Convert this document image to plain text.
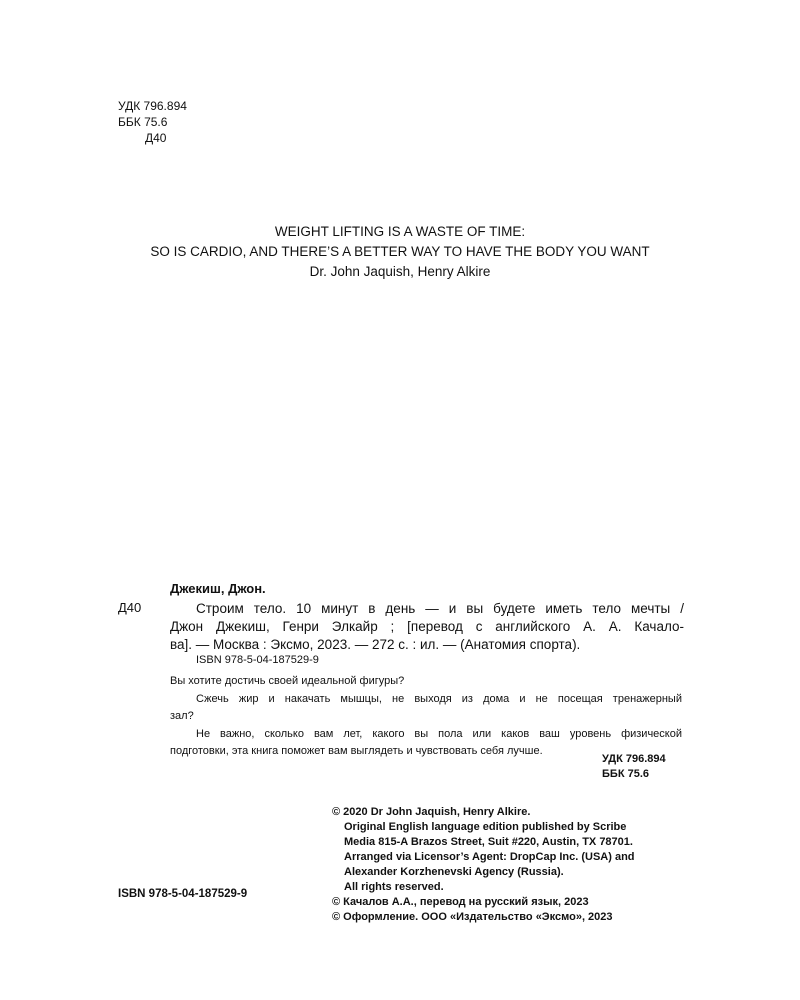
УДК 796.894
ББК 75.6
Д40
WEIGHT LIFTING IS A WASTE OF TIME:
SO IS CARDIO, AND THERE’S A BETTER WAY TO HAVE THE BODY YOU WANT
Dr. John Jaquish, Henry Alkire
Джекиш, Джон.
Д40	Строим тело. 10 минут в день — и вы будете иметь тело мечты /
Джон Джекиш, Генри Элкайр ; [перевод с английского А. А. Качало-
ва]. — Москва : Эксмо, 2023. — 272 с. : ил. — (Анатомия спорта).
ISBN 978-5-04-187529-9
Вы хотите достичь своей идеальной фигуры?
Сжечь жир и накачать мышцы, не выходя из дома и не посещая тренажерный
зал?
Не важно, сколько вам лет, какого вы пола или каков ваш уровень физической
подготовки, эта книга поможет вам выглядеть и чувствовать себя лучше.
УДК 796.894
ББК 75.6
© 2020 Dr John Jaquish, Henry Alkire.
Original English language edition published by Scribe
Media 815-A Brazos Street, Suit #220, Austin, TX 78701.
Arranged via Licensor’s Agent: DropCap Inc. (USA) and
Alexander Korzhenevski Agency (Russia).
All rights reserved.
© Качалов А.А., перевод на русский язык, 2023
© Оформление. ООО «Издательство «Эксмо», 2023
ISBN 978-5-04-187529-9
